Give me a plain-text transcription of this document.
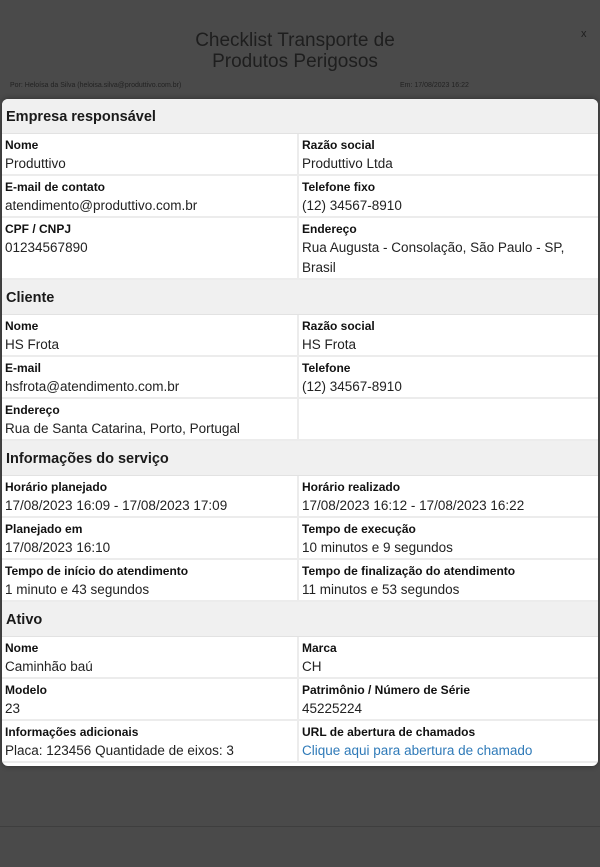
Checklist Transporte de
Produtos Perigosos
x
Por: Heloísa da Silva (heloisa.silva@produttivo.com.br)	Em: 17/08/2023 16:22
Empresa responsável
Nome
Produttivo
Razão social
Produttivo Ltda
E-mail de contato
atendimento@produttivo.com.br
Telefone fixo
(12) 34567-8910
CPF / CNPJ
01234567890
Endereço
Rua Augusta - Consolação, São Paulo - SP, Brasil
Cliente
Nome
HS Frota
Razão social
HS Frota
E-mail
hsfrota@atendimento.com.br
Telefone
(12) 34567-8910
Endereço
Rua de Santa Catarina, Porto, Portugal
Informações do serviço
Horário planejado
17/08/2023 16:09 - 17/08/2023 17:09
Horário realizado
17/08/2023 16:12 - 17/08/2023 16:22
Planejado em
17/08/2023 16:10
Tempo de execução
10 minutos e 9 segundos
Tempo de início do atendimento
1 minuto e 43 segundos
Tempo de finalização do atendimento
11 minutos e 53 segundos
Ativo
Nome
Caminhão baú
Marca
CH
Modelo
23
Patrimônio / Número de Série
45225224
Informações adicionais
Placa: 123456 Quantidade de eixos: 3
URL de abertura de chamados
Clique aqui para abertura de chamado
